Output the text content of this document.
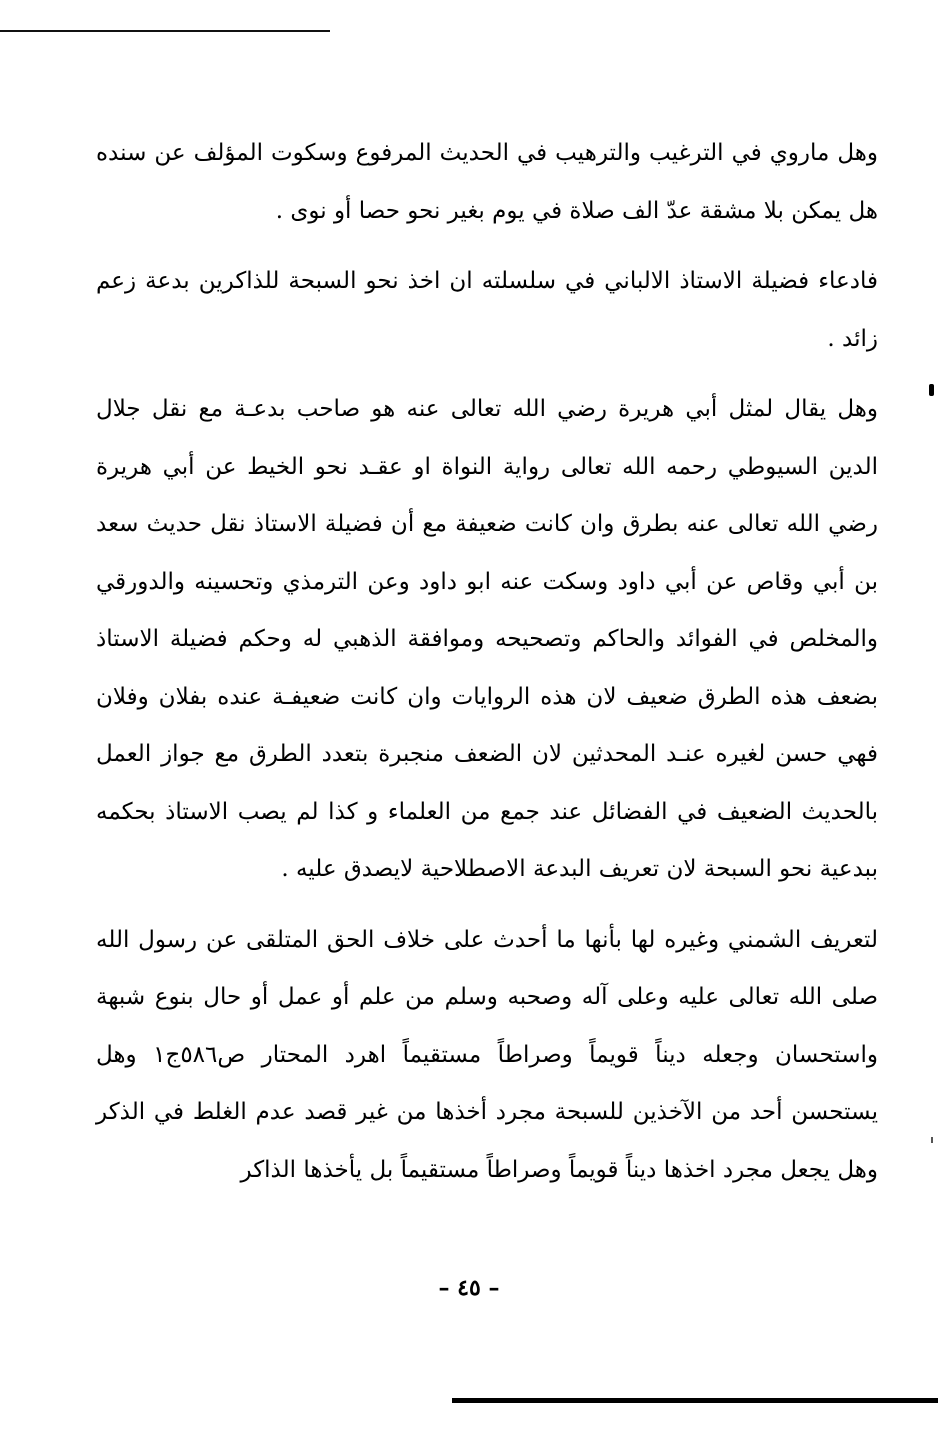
وهل ماروي في الترغيب والترهيب في الحديث المرفوع وسكوت المؤلف عن سنده هل يمكن بلا مشقة عدّ الف صلاة في يوم بغير نحو حصا أو نوى .

فادعاء فضيلة الاستاذ الالباني في سلسلته ان اخذ نحو السبحة للذاكرين بدعة زعم زائد .

وهل يقال لمثل أبي هريرة رضي الله تعالى عنه هو صاحب بدعـة مع نقل جلال الدين السيوطي رحمه الله تعالى رواية النواة او عقـد نحو الخيط عن أبي هريرة رضي الله تعالى عنه بطرق وان كانت ضعيفة مع أن فضيلة الاستاذ نقل حديث سعد بن أبي وقاص عن أبي داود وسكت عنه ابو داود وعن الترمذي وتحسينه والدورقي والمخلص في الفوائد والحاكم وتصحيحه وموافقة الذهبي له وحكم فضيلة الاستاذ بضعف هذه الطرق ضعيف لان هذه الروايات وان كانت ضعيفـة عنده بفلان وفلان فهي حسن لغيره عنـد المحدثين لان الضعف منجبرة بتعدد الطرق مع جواز العمل بالحديث الضعيف في الفضائل عند جمع من العلماء و كذا لم يصب الاستاذ بحكمه ببدعية نحو السبحة لان تعريف البدعة الاصطلاحية لايصدق عليه .

لتعريف الشمني وغيره لها بأنها ما أحدث على خلاف الحق المتلقى عن رسول الله صلى الله تعالى عليه وعلى آله وصحبه وسلم من علم أو عمل أو حال بنوع شبهة واستحسان وجعله ديناً قويماً وصراطاً مستقيماً اهرد المحتار ص٥٨٦ج١ وهل يستحسن أحد من الآخذين للسبحة مجرد أخذها من غير قصد عدم الغلط في الذكر وهل يجعل مجرد اخذها ديناً قويماً وصراطاً مستقيماً بل يأخذها الذاكر

– ٤٥ –
